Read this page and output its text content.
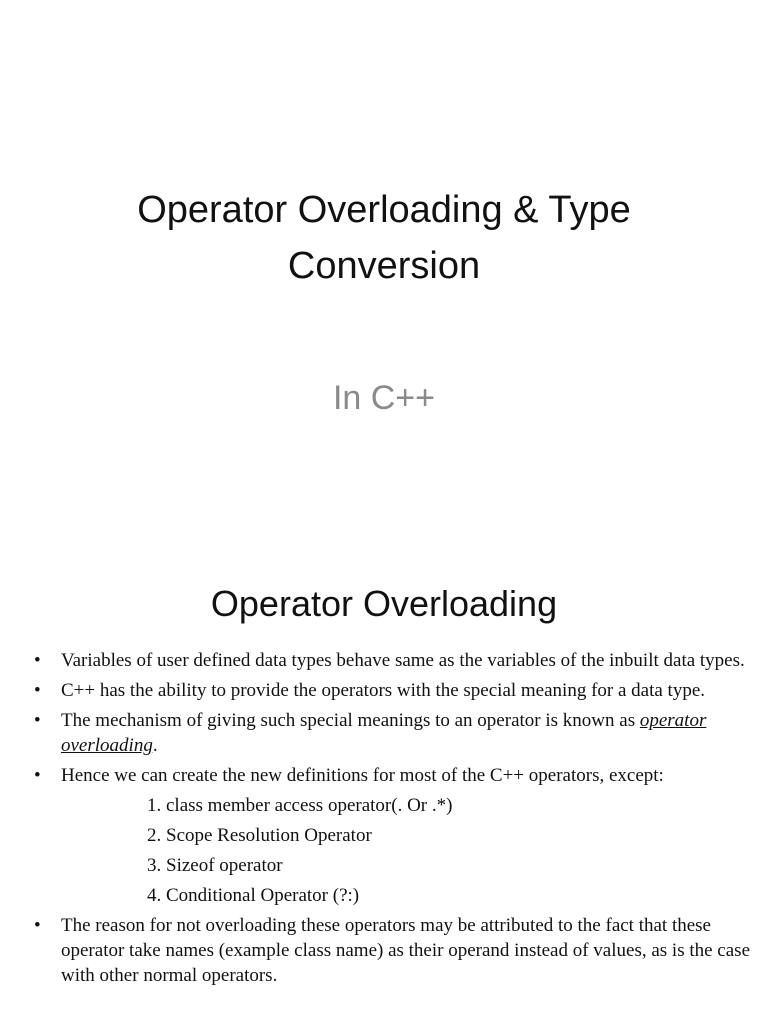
Operator Overloading & Type
Conversion
In C++
Operator Overloading
•	Variables of user defined data types behave same as the variables of the inbuilt data types.
•	C++ has the ability to provide the operators with the special meaning for a data type.
•	The mechanism of giving such special meanings to an operator is known as operator overloading.
•	Hence we can create the new definitions for most of the C++ operators, except:
1. class member access operator(. Or .*)
2. Scope Resolution Operator
3. Sizeof operator
4. Conditional Operator (?:)
•	The reason for not overloading these operators may be attributed to the fact that these operator take names (example class name) as their operand instead of values, as is the case with other normal operators.
